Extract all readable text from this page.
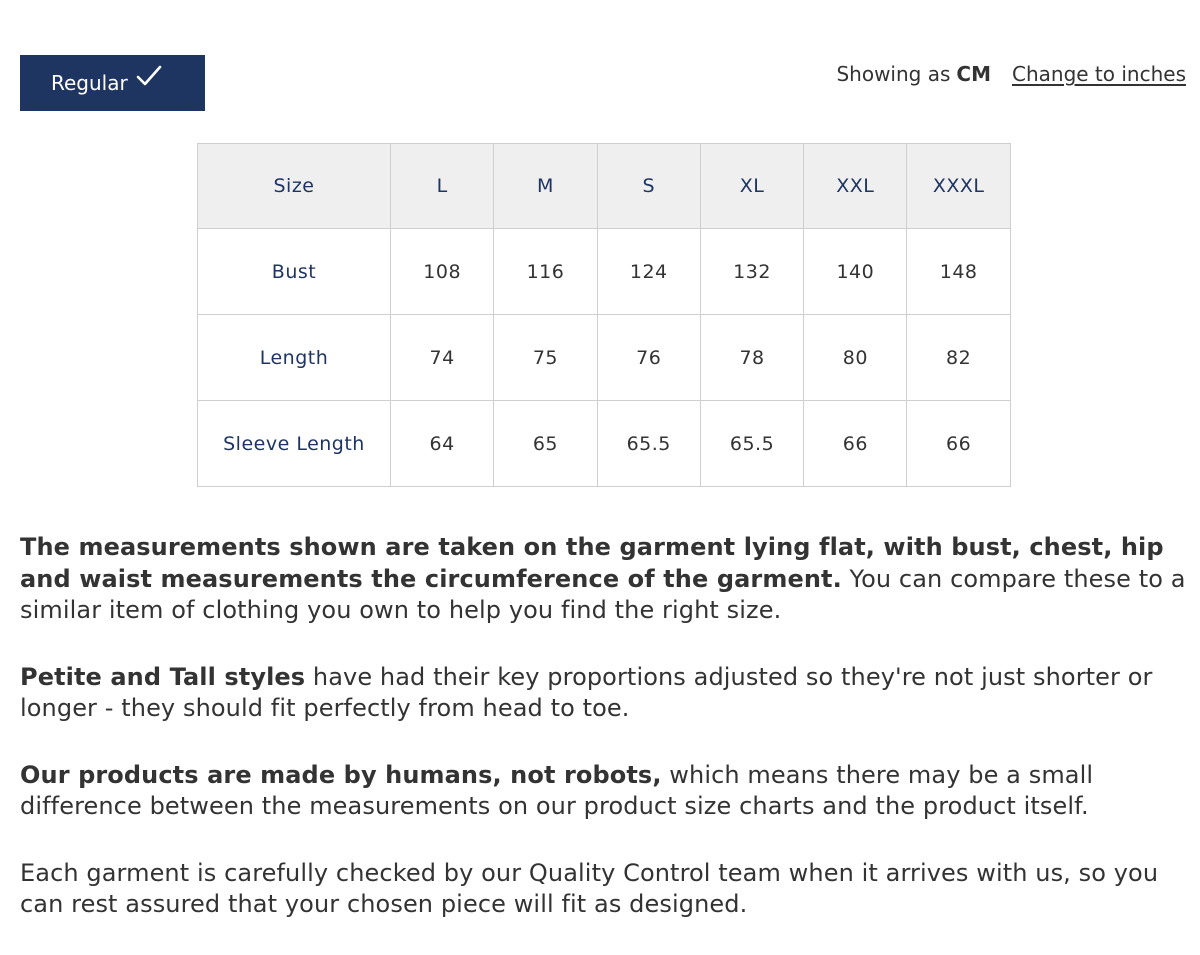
Regular	Showing as CM Change to inches
Size	L	M	S	XL	XXL	XXXL
Bust	108	116	124	132	140	148
Length	74	75	76	78	80	82
Sleeve Length	64	65	65.5	65.5	66	66

The measurements shown are taken on the garment lying flat, with bust, chest, hip and waist measurements the circumference of the garment. You can compare these to a similar item of clothing you own to help you find the right size.

Petite and Tall styles have had their key proportions adjusted so they're not just shorter or longer - they should fit perfectly from head to toe.

Our products are made by humans, not robots, which means there may be a small difference between the measurements on our product size charts and the product itself.

Each garment is carefully checked by our Quality Control team when it arrives with us, so you can rest assured that your chosen piece will fit as designed.
